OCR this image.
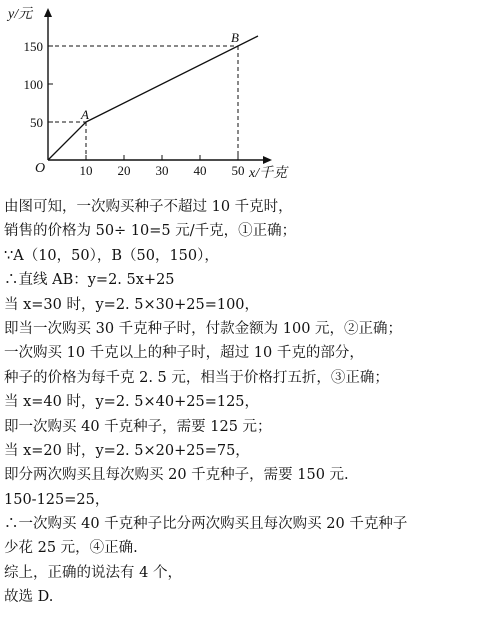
y/元
x/千克
O
A
B
50
100
150
10 20 30 40 50
由图可知，一次购买种子不超过 10 千克时，
销售的价格为 50÷ 10=5 元/千克，①正确；
∵A（10，50），B（50，150），
∴直线 AB：y=2. 5x+25
当 x=30 时，y=2. 5×30+25=100，
即当一次购买 30 千克种子时，付款金额为 100 元，②正确；
一次购买 10 千克以上的种子时，超过 10 千克的部分，
种子的价格为每千克 2. 5 元，相当于价格打五折，③正确；
当 x=40 时，y=2. 5×40+25=125，
即一次购买 40 千克种子，需要 125 元；
当 x=20 时，y=2. 5×20+25=75，
即分两次购买且每次购买 20 千克种子，需要 150 元.
150-125=25，
∴一次购买 40 千克种子比分两次购买且每次购买 20 千克种子
少花 25 元，④正确.
综上，正确的说法有 4 个，
故选 D.
